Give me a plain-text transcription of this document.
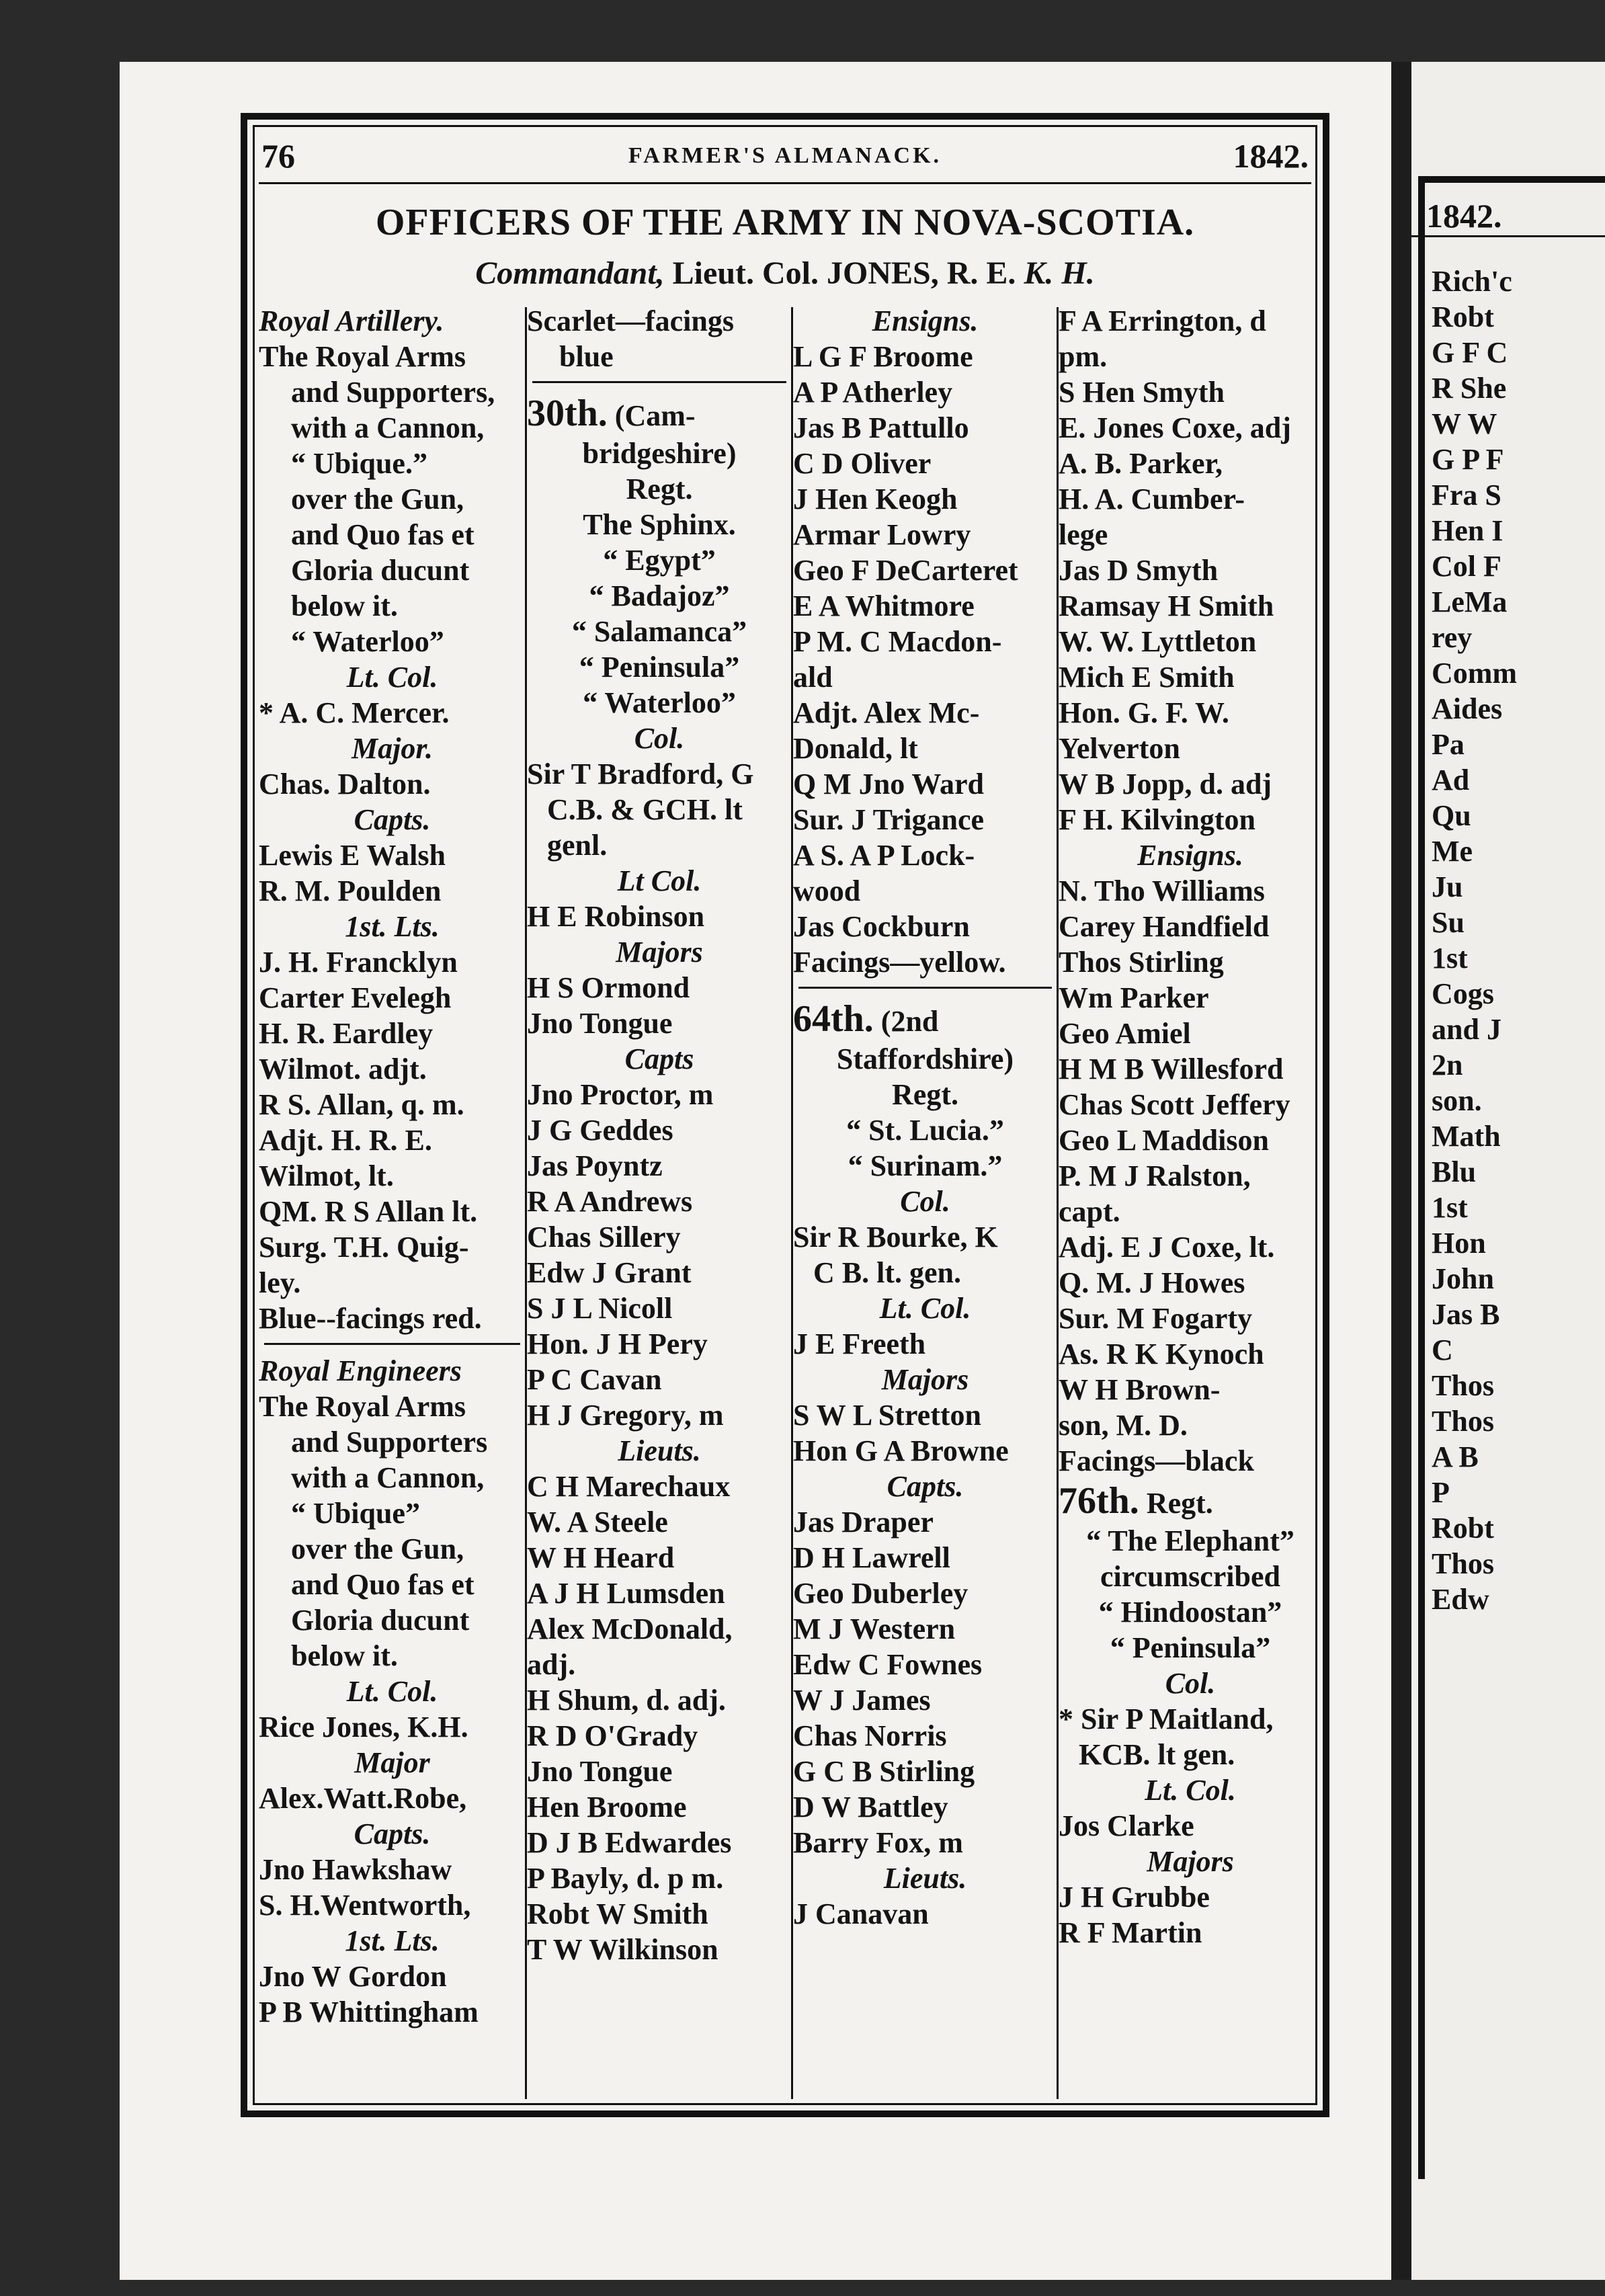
1842.
Rich'c
Robt
G F C
R She
W W
G P F
Fra S
Hen I
Col F
LeMa
rey
Comm
Aides
Pa
Ad
Qu
Me
Ju
Su
1st
Cogs
and J
2n
son.
Math
Blu
1st
Hon
John
Jas B
C
Thos
Thos
A B
P
Robt
Thos
Edw
76	FARMER'S ALMANACK.	1842.
OFFICERS OF THE ARMY IN NOVA-SCOTIA.
Commandant, Lieut. Col. JONES, R. E. K. H.
Royal Artillery.
The Royal Arms
and Supporters,
with a Cannon,
“ Ubique.”
over the Gun,
and Quo fas et
Gloria ducunt
below it.
“ Waterloo”
Lt. Col.
* A. C. Mercer.
Major.
Chas. Dalton.
Capts.
Lewis E Walsh
R. M. Poulden
1st. Lts.
J. H. Francklyn
Carter Evelegh
H. R. Eardley
Wilmot. adjt.
R S. Allan, q. m.
Adjt. H. R. E.
Wilmot, lt.
QM. R S Allan lt.
Surg. T.H. Quig-
ley.
Blue--facings red.
Royal Engineers
The Royal Arms
and Supporters
with a Cannon,
“ Ubique”
over the Gun,
and Quo fas et
Gloria ducunt
below it.
Lt. Col.
Rice Jones, K.H.
Major
Alex.Watt.Robe,
Capts.
Jno Hawkshaw
S. H.Wentworth,
1st. Lts.
Jno W Gordon
P B Whittingham
Scarlet—facings
blue
30th. (Cam-
bridgeshire)
Regt.
The Sphinx.
“ Egypt”
“ Badajoz”
“ Salamanca”
“ Peninsula”
“ Waterloo”
Col.
Sir T Bradford, G
C.B. & GCH. lt
genl.
Lt Col.
H E Robinson
Majors
H S Ormond
Jno Tongue
Capts
Jno Proctor, m
J G Geddes
Jas Poyntz
R A Andrews
Chas Sillery
Edw J Grant
S J L Nicoll
Hon. J H Pery
P C Cavan
H J Gregory, m
Lieuts.
C H Marechaux
W. A Steele
W H Heard
A J H Lumsden
Alex McDonald,
adj.
H Shum, d. adj.
R D O'Grady
Jno Tongue
Hen Broome
D J B Edwardes
P Bayly, d. p m.
Robt W Smith
T W Wilkinson
Ensigns.
L G F Broome
A P Atherley
Jas B Pattullo
C D Oliver
J Hen Keogh
Armar Lowry
Geo F DeCarteret
E A Whitmore
P M. C Macdon-
ald
Adjt. Alex Mc-
Donald, lt
Q M Jno Ward
Sur. J Trigance
A S. A P Lock-
wood
Jas Cockburn
Facings—yellow.
64th. (2nd
Staffordshire)
Regt.
“ St. Lucia.”
“ Surinam.”
Col.
Sir R Bourke, K
C B. lt. gen.
Lt. Col.
J E Freeth
Majors
S W L Stretton
Hon G A Browne
Capts.
Jas Draper
D H Lawrell
Geo Duberley
M J Western
Edw C Fownes
W J James
Chas Norris
G C B Stirling
D W Battley
Barry Fox, m
Lieuts.
J Canavan
F A Errington, d
pm.
S Hen Smyth
E. Jones Coxe, adj
A. B. Parker,
H. A. Cumber-
lege
Jas D Smyth
Ramsay H Smith
W. W. Lyttleton
Mich E Smith
Hon. G. F. W.
Yelverton
W B Jopp, d. adj
F H. Kilvington
Ensigns.
N. Tho Williams
Carey Handfield
Thos Stirling
Wm Parker
Geo Amiel
H M B Willesford
Chas Scott Jeffery
Geo L Maddison
P. M J Ralston,
capt.
Adj. E J Coxe, lt.
Q. M. J Howes
Sur. M Fogarty
As. R K Kynoch
W H Brown-
son, M. D.
Facings—black
76th. Regt.
“ The Elephant”
circumscribed
“ Hindoostan”
“ Peninsula”
Col.
* Sir P Maitland,
KCB. lt gen.
Lt. Col.
Jos Clarke
Majors
J H Grubbe
R F Martin
